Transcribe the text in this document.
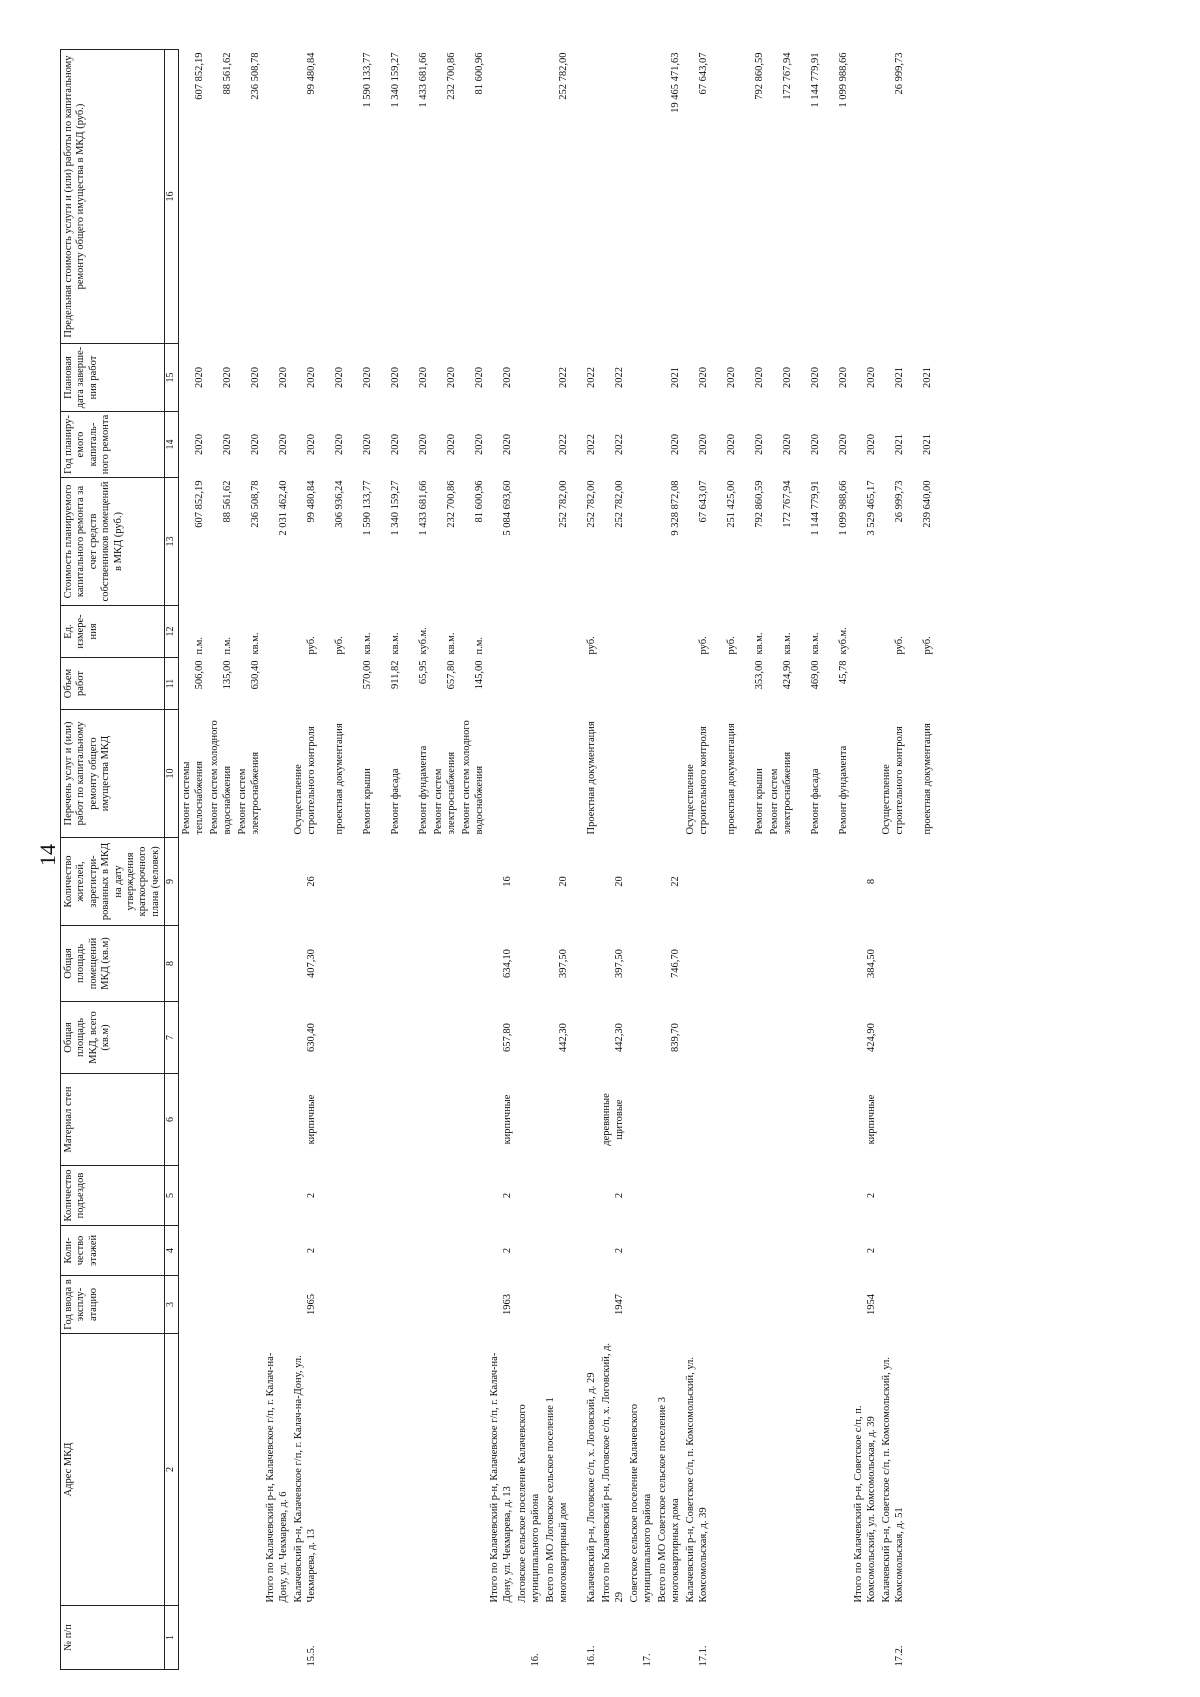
14
№ п/п	Адрес МКД	Год ввода в эксплу-атацию	Коли-чество этажей	Количество подъездов	Материал стен	Общая площадь МКД, всего (кв.м)	Общая площадь помещений МКД (кв.м)	Количество жителей, зарегистри-рованных в МКД на дату утверждения краткосрочного плана (человек)	Перечень услуг и (или) работ по капитальному ремонту общего имущества МКД	Объем работ	Ед. измере-ния	Стоимость планируемого капитального ремонта за счет средств собственников помещений в МКД (руб.)	Год планиру-емого капиталь-ного ремонта	Плановая дата заверше-ния работ	Предельная стоимость услуги и (или) работы по капитальному ремонту общего имущества в МКД (руб.)
1	2	3	4	5	6	7	8	9	10	11	12	13	14	15	16
									Ремонт системы теплоснабжения	506,00	п.м.	607 852,19	2020	2020	607 852,19
									Ремонт систем холодного водоснабжения	135,00	п.м.	88 561,62	2020	2020	88 561,62
									Ремонт систем электроснабжения	630,40	кв.м.	236 508,78	2020	2020	236 508,78
	Итого по Калачевский р-н, Калачевское г/п, г. Калач-на-Дону, ул. Чекмарева, д. 6											2 031 462,40	2020	2020	
15.5.	Калачевский р-н, Калачевское г/п, г. Калач-на-Дону, ул. Чекмарева, д. 13	1965	2	2	кирпичные	630,40	407,30	26	Осуществление строительного контроля		руб.	99 480,84	2020	2020	99 480,84
									проектная документация		руб.	306 936,24	2020	2020	
									Ремонт крыши	570,00	кв.м.	1 590 133,77	2020	2020	1 590 133,77
									Ремонт фасада	911,82	кв.м.	1 340 159,27	2020	2020	1 340 159,27
									Ремонт фундамента	65,95	куб.м.	1 433 681,66	2020	2020	1 433 681,66
									Ремонт систем электроснабжения	657,80	кв.м.	232 700,86	2020	2020	232 700,86
									Ремонт систем холодного водоснабжения	145,00	п.м.	81 600,96	2020	2020	81 600,96
	Итого по Калачевский р-н, Калачевское г/п, г. Калач-на-Дону, ул. Чекмарева, д. 13	1963	2	2	кирпичные	657,80	634,10	16				5 084 693,60	2020	2020	
16.	Логовское сельское поселение Калачевского муниципального района														
	Всего по МО Логовское сельское поселение 1 многоквартирный дом					442,30	397,50	20				252 782,00	2022	2022	252 782,00
16.1.	Калачевский р-н, Логовское с/п, х. Логовский, д. 29								Проектная документация		руб.	252 782,00	2022	2022	
	Итого по Калачевский р-н, Логовское с/п, х. Логовский, д. 29	1947	2	2	деревянные щитовые	442,30	397,50	20				252 782,00	2022	2022	
17.	Советское сельское поселение Калачевского муниципального района														
	Всего по МО Советское сельское поселение 3 многоквартирных дома					839,70	746,70	22				9 328 872,08	2020	2021	19 465 471,63
17.1.	Калачевский р-н, Советское с/п, п. Комсомольский, ул. Комсомольская, д. 39								Осуществление строительного контроля		руб.	67 643,07	2020	2020	67 643,07
									проектная документация		руб.	251 425,00	2020	2020	
									Ремонт крыши	353,00	кв.м.	792 860,59	2020	2020	792 860,59
									Ремонт систем электроснабжения	424,90	кв.м.	172 767,94	2020	2020	172 767,94
									Ремонт фасада	469,00	кв.м.	1 144 779,91	2020	2020	1 144 779,91
									Ремонт фундамента	45,78	куб.м.	1 099 988,66	2020	2020	1 099 988,66
	Итого по Калачевский р-н, Советское с/п, п. Комсомольский, ул. Комсомольская, д. 39	1954	2	2	кирпичные	424,90	384,50	8				3 529 465,17	2020	2020	
17.2.	Калачевский р-н, Советское с/п, п. Комсомольский, ул. Комсомольская, д. 51								Осуществление строительного контроля		руб.	26 999,73	2021	2021	26 999,73
									проектная документация		руб.	239 640,00	2021	2021	
